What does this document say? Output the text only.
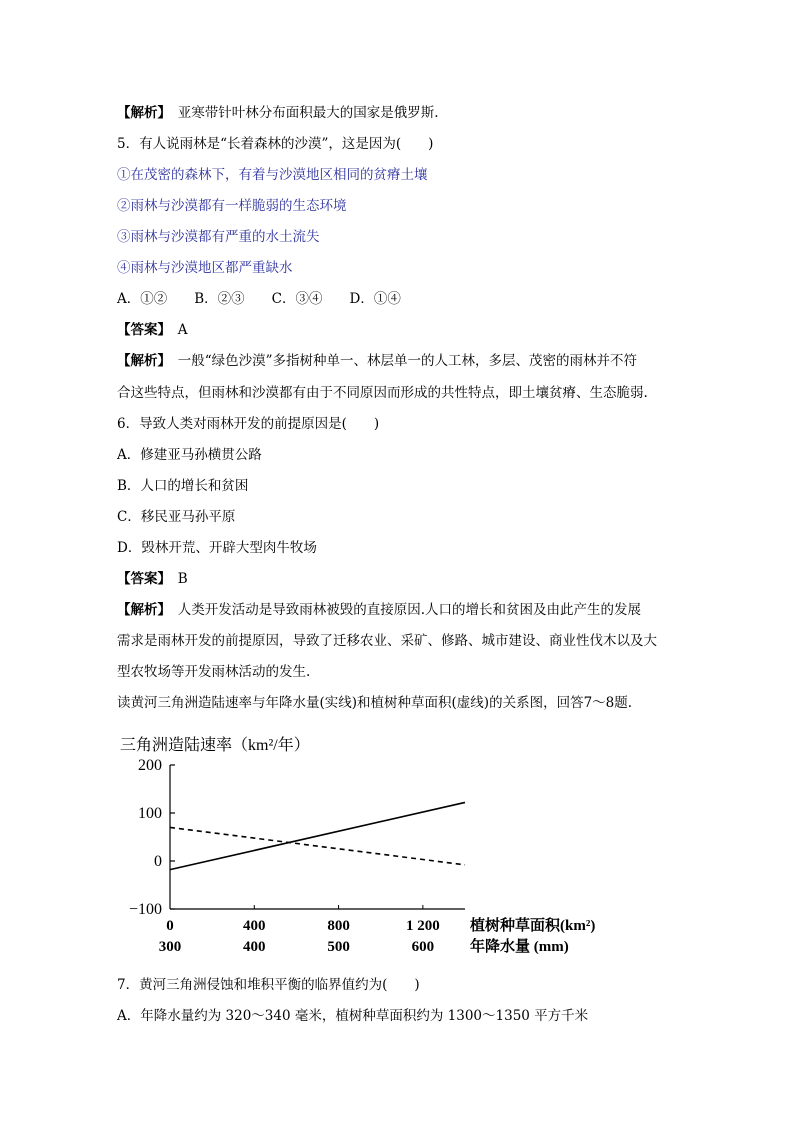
【解析】　亚寒带针叶林分布面积最大的国家是俄罗斯.
5．有人说雨林是“长着森林的沙漠”，这是因为(　　)
①在茂密的森林下，有着与沙漠地区相同的贫瘠土壤
②雨林与沙漠都有一样脆弱的生态环境
③雨林与沙漠都有严重的水土流失
④雨林与沙漠地区都严重缺水
A．①②　　B．②③　　C．③④　　D．①④
【答案】　A
【解析】　一般“绿色沙漠”多指树种单一、林层单一的人工林，多层、茂密的雨林并不符
合这些特点，但雨林和沙漠都有由于不同原因而形成的共性特点，即土壤贫瘠、生态脆弱.
6．导致人类对雨林开发的前提原因是(　　)
A．修建亚马孙横贯公路
B．人口的增长和贫困
C．移民亚马孙平原
D．毁林开荒、开辟大型肉牛牧场
【答案】　B
【解析】　人类开发活动是导致雨林被毁的直接原因.人口的增长和贫困及由此产生的发展
需求是雨林开发的前提原因，导致了迁移农业、采矿、修路、城市建设、商业性伐木以及大
型农牧场等开发雨林活动的发生.
读黄河三角洲造陆速率与年降水量(实线)和植树种草面积(虚线)的关系图，回答7～8题.
三角洲造陆速率（km²/年）
200
100
0
−100
0	400	800	1 200
300	400	500	600
植树种草面积(km²)
年降水量 (mm)
7．黄河三角洲侵蚀和堆积平衡的临界值约为(　　)
A．年降水量约为 320～340 毫米，植树种草面积约为 1300～1350 平方千米
